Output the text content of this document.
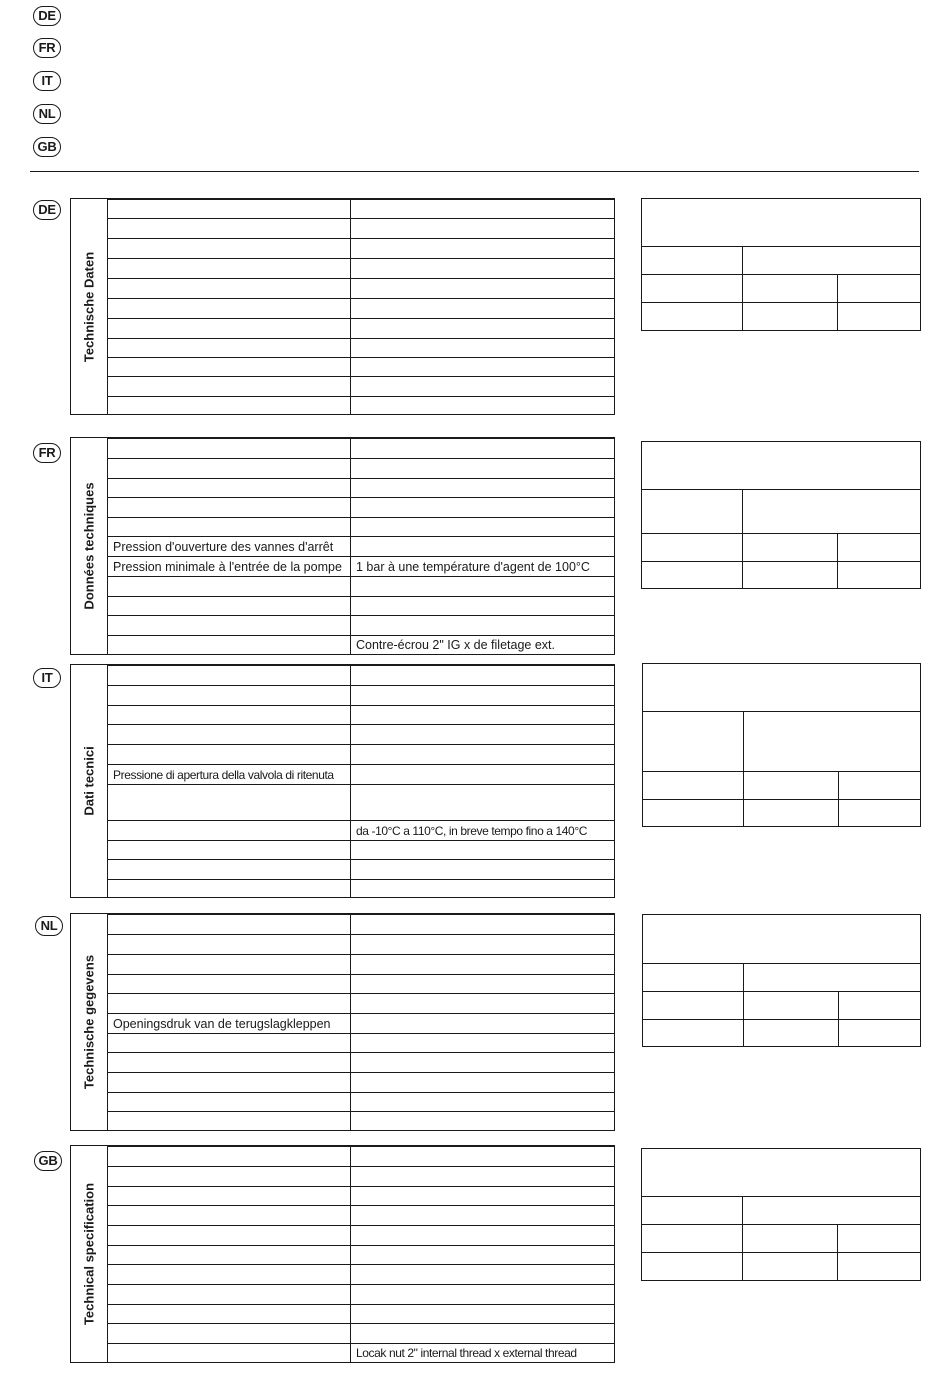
DE
FR
IT
NL
GB
DE
Technische Daten
FR
Données techniques Pression d'ouverture des vannes d'arrêt
Pression minimale à l'entrée de la pompe	1 bar à une température d'agent de 100°C
Contre-écrou 2" IG x de filetage ext.
IT
Dati tecnici Pressione di apertura della valvola di ritenuta
da -10°C a 110°C, in breve tempo fino a 140°C
NL
Technische gegevens Openingsdruk van de terugslagkleppen
GB
Technical specification
Locak nut 2" internal thread x external thread
